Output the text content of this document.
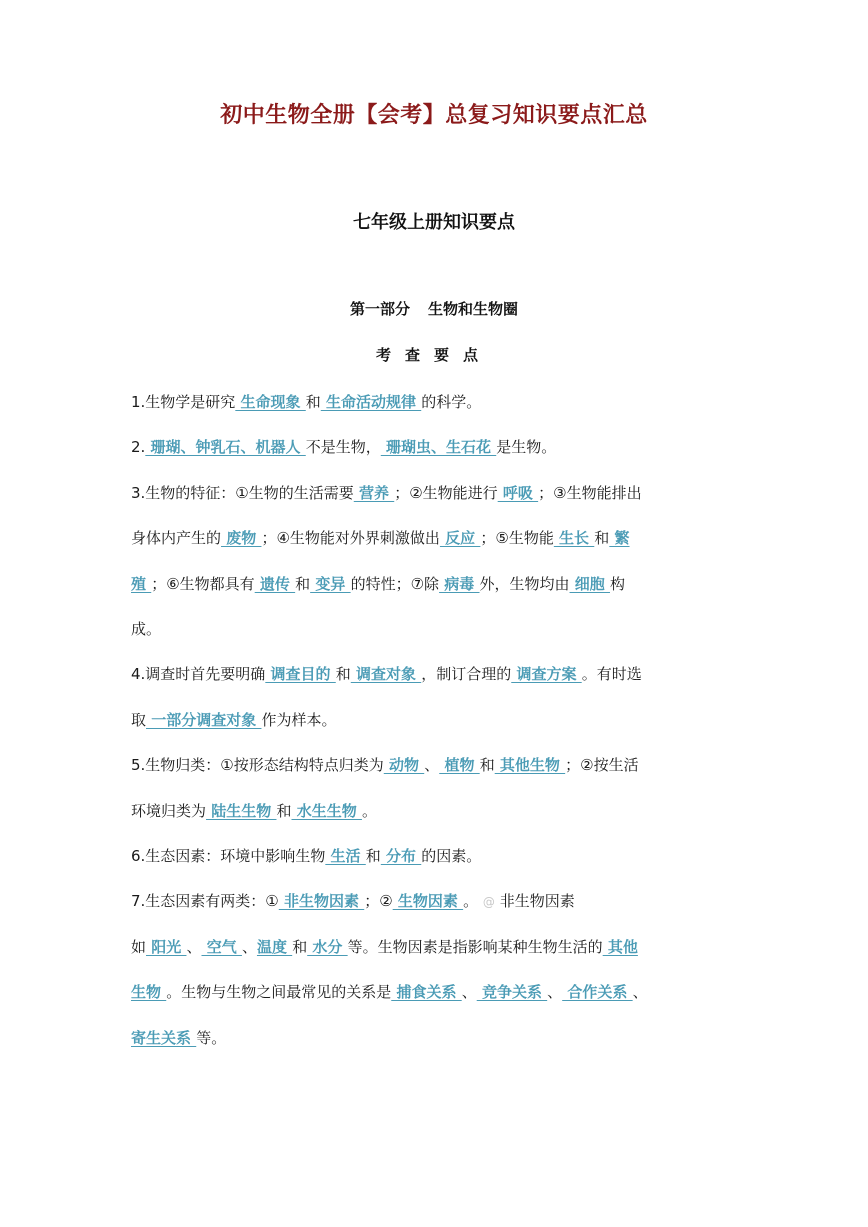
初中生物全册【会考】总复习知识要点汇总
七年级上册知识要点
第一部分 生物和生物圈
考查要点
1.生物学是研究 生命现象 和 生命活动规律 的科学。
2. 珊瑚、钟乳石、机器人 不是生物， 珊瑚虫、生石花 是生物。
3.生物的特征：①生物的生活需要 营养 ；②生物能进行 呼吸 ；③生物能排出
身体内产生的 废物 ；④生物能对外界刺激做出 反应 ；⑤生物能 生长 和 繁
殖 ；⑥生物都具有 遗传 和 变异 的特性；⑦除 病毒 外，生物均由 细胞 构
成。
4.调查时首先要明确 调查目的 和 调查对象 ，制订合理的 调查方案 。有时选
取 一部分调查对象 作为样本。
5.生物归类：①按形态结构特点归类为 动物 、 植物 和 其他生物 ；②按生活
环境归类为 陆生生物 和 水生生物 。
6.生态因素：环境中影响生物 生活 和 分布 的因素。
7.生态因素有两类：① 非生物因素 ；② 生物因素 。 @ 非生物因素
如 阳光 、 空气 、温度 和 水分 等。生物因素是指影响某种生物生活的 其他
生物 。生物与生物之间最常见的关系是 捕食关系 、 竞争关系 、 合作关系 、
寄生关系 等。
